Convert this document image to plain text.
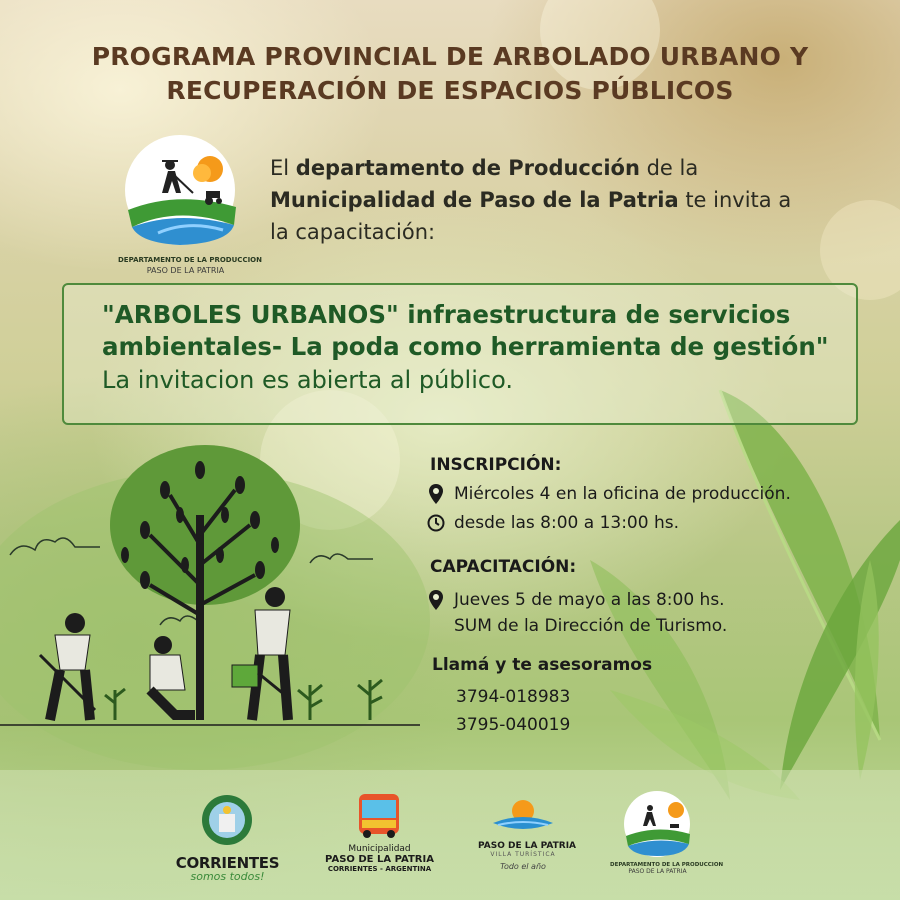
PROGRAMA PROVINCIAL DE ARBOLADO URBANO Y
RECUPERACIÓN DE ESPACIOS PÚBLICOS
DEPARTAMENTO DE LA PRODUCCION
PASO DE LA PATRIA
El departamento de Producción de la Municipalidad de Paso de la Patria te invita a la capacitación:
"ARBOLES URBANOS" infraestructura de servicios
ambientales- La poda como herramienta de gestión"
La invitacion es abierta al público.
INSCRIPCIÓN:
Miércoles 4 en la oficina de producción.
desde las 8:00 a 13:00 hs.
CAPACITACIÓN:
Jueves 5 de mayo a las 8:00 hs.
SUM de la Dirección de Turismo.
Llamá y te asesoramos
3794-018983
3795-040019
CORRIENTES
somos todos!
Municipalidad
PASO DE LA PATRIA
CORRIENTES - ARGENTINA
PASO DE LA PATRIA
VILLA TURÍSTICA
Todo el año	DEPARTAMENTO DE LA PRODUCCION
PASO DE LA PATRIA
